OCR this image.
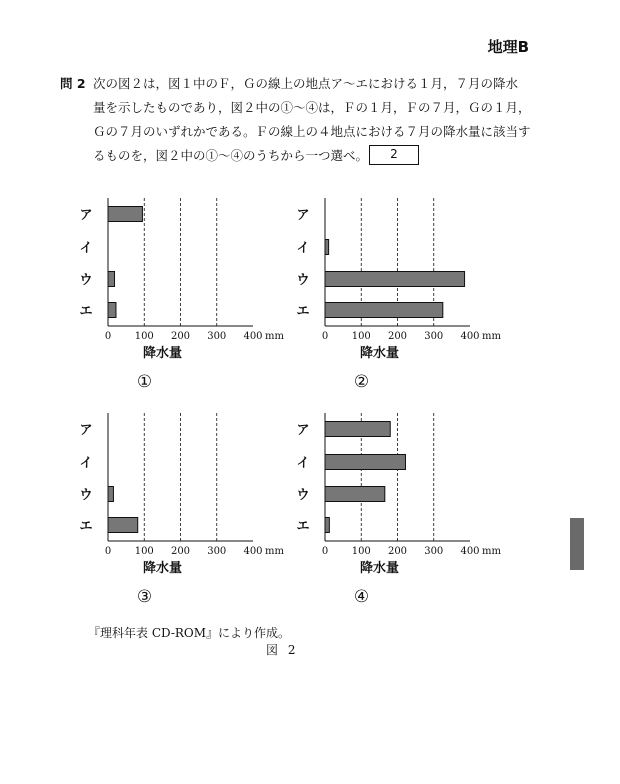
地理B
問 2 次の図２は，図１中のＦ，Ｇの線上の地点ア～エにおける１月，７月の降水
量を示したものであり，図２中の①～④は，Ｆの１月，Ｆの７月，Ｇの１月，
Ｇの７月のいずれかである。Ｆの線上の４地点における７月の降水量に該当す
るものを，図２中の①～④のうちから一つ選べ。	2
ア
イ
ウ
エ
0 100 200 300 400 mm
降水量
①
ア
イ
ウ
エ
0 100 200 300 400 mm
降水量
②
ア
イ
ウ
エ
0 100 200 300 400 mm
降水量
③
ア
イ
ウ
エ
0 100 200 300 400 mm
降水量
④
『理科年表 CD-ROM』により作成。
図 2
